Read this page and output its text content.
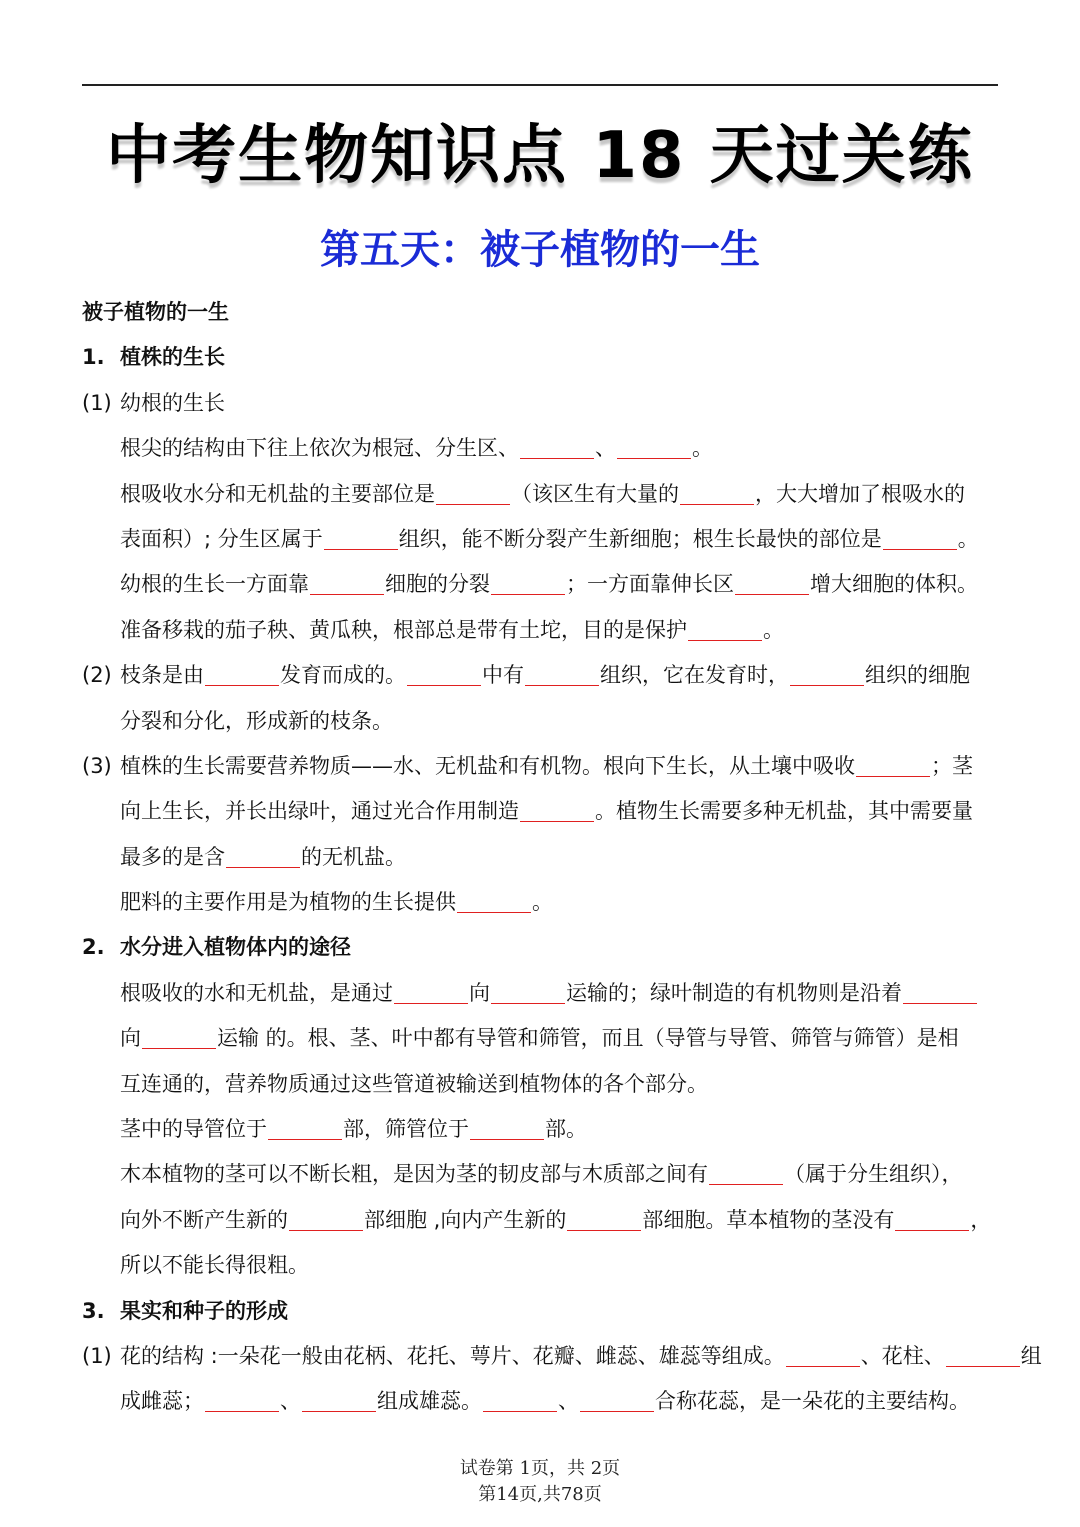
中考生物知识点 18 天过关练
第五天：被子植物的一生
被子植物的一生
1. 植株的生长
(1) 幼根的生长
根尖的结构由下往上依次为根冠、分生区、	、	。
根吸收水分和无机盐的主要部位是	（该区生有大量的	，大大增加了根吸水的
表面积）; 分生区属于	组织，能不断分裂产生新细胞；根生长最快的部位是	。
幼根的生长一方面靠	细胞的分裂	；一方面靠伸长区	增大细胞的体积。
准备移栽的茄子秧、黄瓜秧，根部总是带有土坨，目的是保护	。
(2) 枝条是由	发育而成的。	中有	组织，它在发育时，	组织的细胞
分裂和分化，形成新的枝条。
(3) 植株的生长需要营养物质——水、无机盐和有机物。根向下生长，从土壤中吸收	；茎
向上生长，并长出绿叶，通过光合作用制造	。植物生长需要多种无机盐，其中需要量
最多的是含	的无机盐。
肥料的主要作用是为植物的生长提供	。
2. 水分进入植物体内的途径
根吸收的水和无机盐，是通过	向	运输的；绿叶制造的有机物则是沿着
向	运输 的。根、茎、叶中都有导管和筛管，而且（导管与导管、筛管与筛管）是相
互连通的，营养物质通过这些管道被输送到植物体的各个部分。
茎中的导管位于	部，筛管位于	部。
木本植物的茎可以不断长粗，是因为茎的韧皮部与木质部之间有	（属于分生组织），
向外不断产生新的	部细胞 ,向内产生新的	部细胞。草本植物的茎没有	，
所以不能长得很粗。
3. 果实和种子的形成
(1) 花的结构 :一朵花一般由花柄、花托、萼片、花瓣、雌蕊、雄蕊等组成。	、花柱、	组
成雌蕊；	、	组成雄蕊。	、	合称花蕊，是一朵花的主要结构。
试卷第 1页，共 2页
第14页,共78页
